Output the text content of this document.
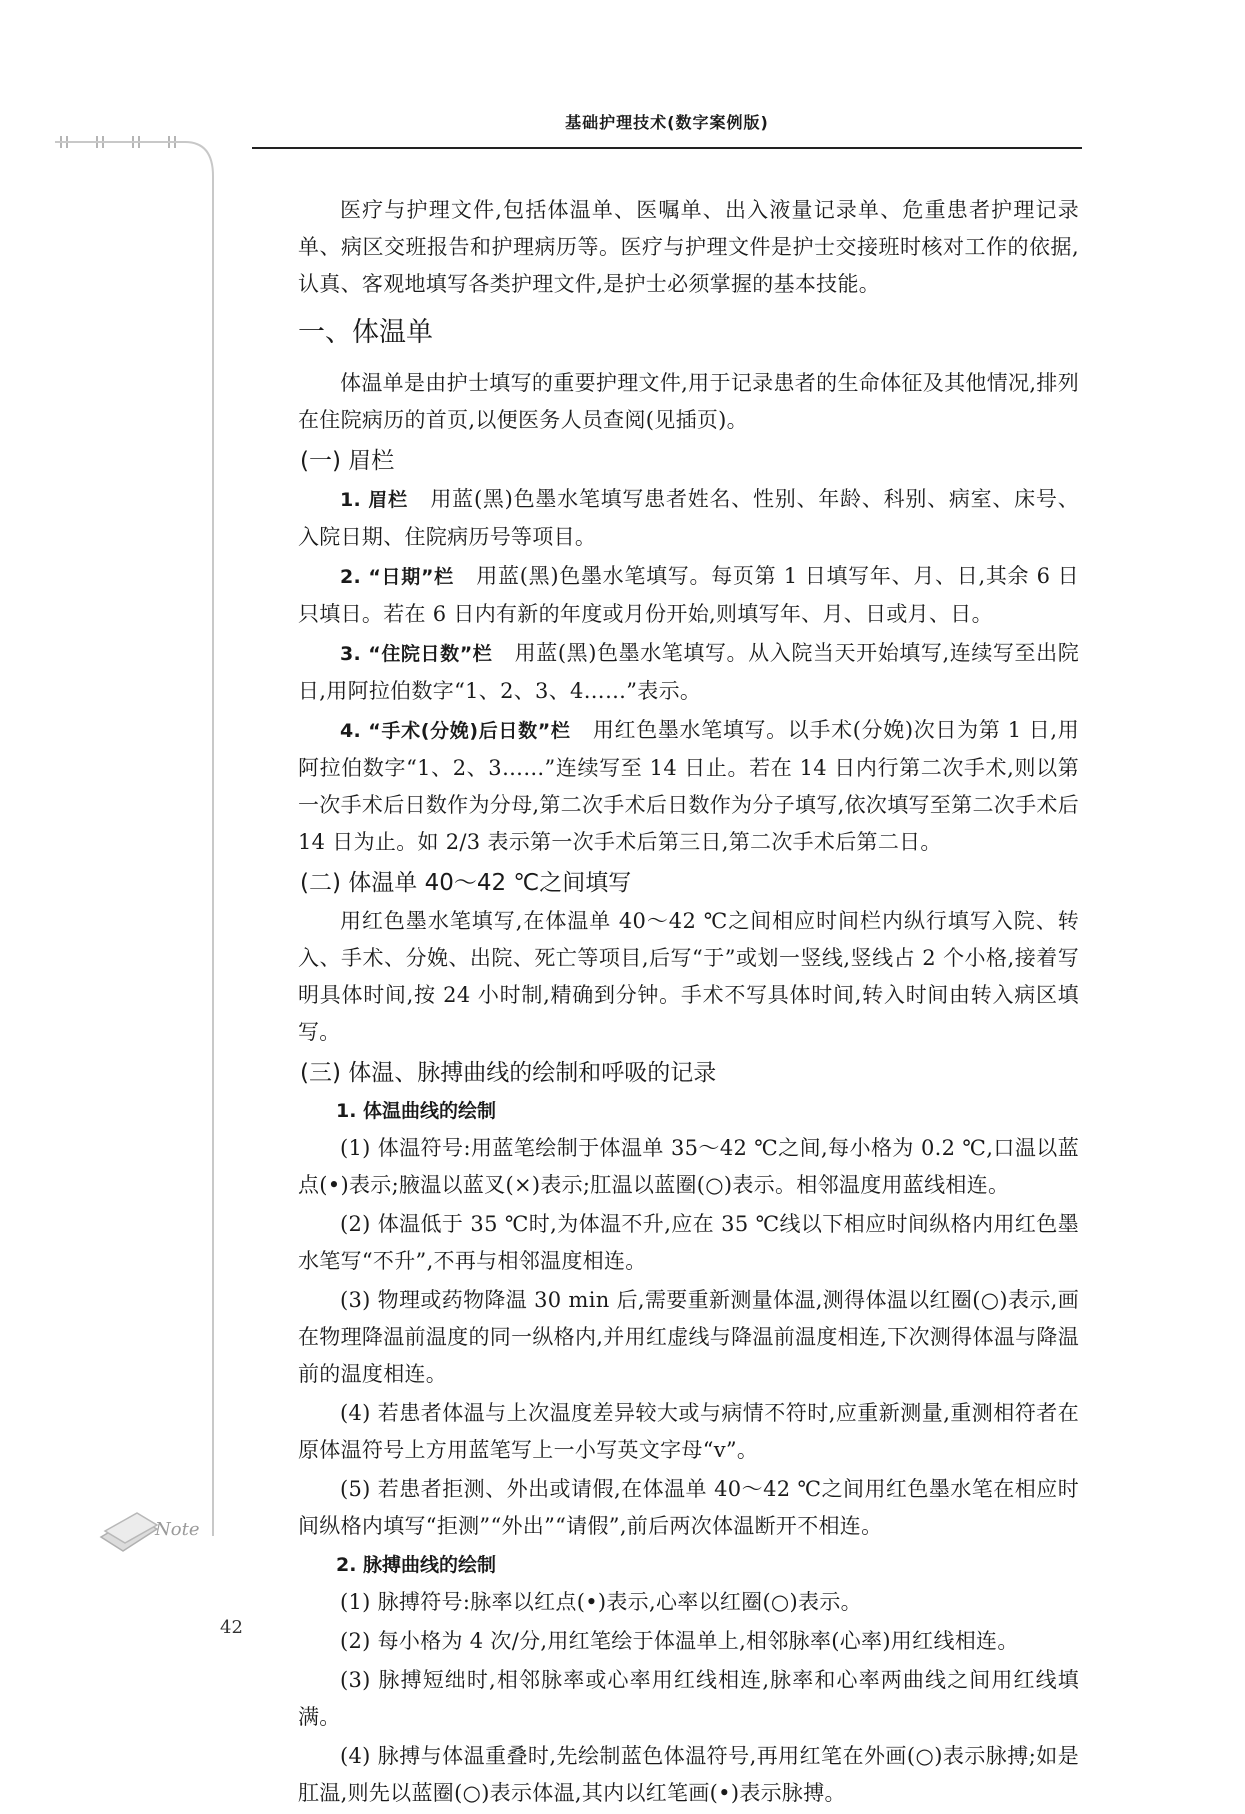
基础护理技术(数字案例版)
Note

医疗与护理文件,包括体温单、医嘱单、出入液量记录单、危重患者护理记录单、病区交班报告和护理病历等。医疗与护理文件是护士交接班时核对工作的依据,认真、客观地填写各类护理文件,是护士必须掌握的基本技能。

一、体温单

体温单是由护士填写的重要护理文件,用于记录患者的生命体征及其他情况,排列在住院病历的首页,以便医务人员查阅(见插页)。

(一) 眉栏

1. 眉栏 用蓝(黑)色墨水笔填写患者姓名、性别、年龄、科别、病室、床号、入院日期、住院病历号等项目。

2. “日期”栏 用蓝(黑)色墨水笔填写。每页第 1 日填写年、月、日,其余 6 日只填日。若在 6 日内有新的年度或月份开始,则填写年、月、日或月、日。

3. “住院日数”栏 用蓝(黑)色墨水笔填写。从入院当天开始填写,连续写至出院日,用阿拉伯数字“1、2、3、4……”表示。

4. “手术(分娩)后日数”栏 用红色墨水笔填写。以手术(分娩)次日为第 1 日,用阿拉伯数字“1、2、3……”连续写至 14 日止。若在 14 日内行第二次手术,则以第一次手术后日数作为分母,第二次手术后日数作为分子填写,依次填写至第二次手术后 14 日为止。如 2/3 表示第一次手术后第三日,第二次手术后第二日。

(二) 体温单 40～42 ℃之间填写

用红色墨水笔填写,在体温单 40～42 ℃之间相应时间栏内纵行填写入院、转入、手术、分娩、出院、死亡等项目,后写“于”或划一竖线,竖线占 2 个小格,接着写明具体时间,按 24 小时制,精确到分钟。手术不写具体时间,转入时间由转入病区填写。

(三) 体温、脉搏曲线的绘制和呼吸的记录
1. 体温曲线的绘制

(1) 体温符号:用蓝笔绘制于体温单 35～42 ℃之间,每小格为 0.2 ℃,口温以蓝点(•)表示;腋温以蓝叉(×)表示;肛温以蓝圈(○)表示。相邻温度用蓝线相连。

(2) 体温低于 35 ℃时,为体温不升,应在 35 ℃线以下相应时间纵格内用红色墨水笔写“不升”,不再与相邻温度相连。

(3) 物理或药物降温 30 min 后,需要重新测量体温,测得体温以红圈(○)表示,画在物理降温前温度的同一纵格内,并用红虚线与降温前温度相连,下次测得体温与降温前的温度相连。

(4) 若患者体温与上次温度差异较大或与病情不符时,应重新测量,重测相符者在原体温符号上方用蓝笔写上一小写英文字母“v”。

(5) 若患者拒测、外出或请假,在体温单 40～42 ℃之间用红色墨水笔在相应时间纵格内填写“拒测”“外出”“请假”,前后两次体温断开不相连。

2. 脉搏曲线的绘制

(1) 脉搏符号:脉率以红点(•)表示,心率以红圈(○)表示。

(2) 每小格为 4 次/分,用红笔绘于体温单上,相邻脉率(心率)用红线相连。

(3) 脉搏短绌时,相邻脉率或心率用红线相连,脉率和心率两曲线之间用红线填满。

(4) 脉搏与体温重叠时,先绘制蓝色体温符号,再用红笔在外画(○)表示脉搏;如是肛温,则先以蓝圈(○)表示体温,其内以红笔画(•)表示脉搏。

42
